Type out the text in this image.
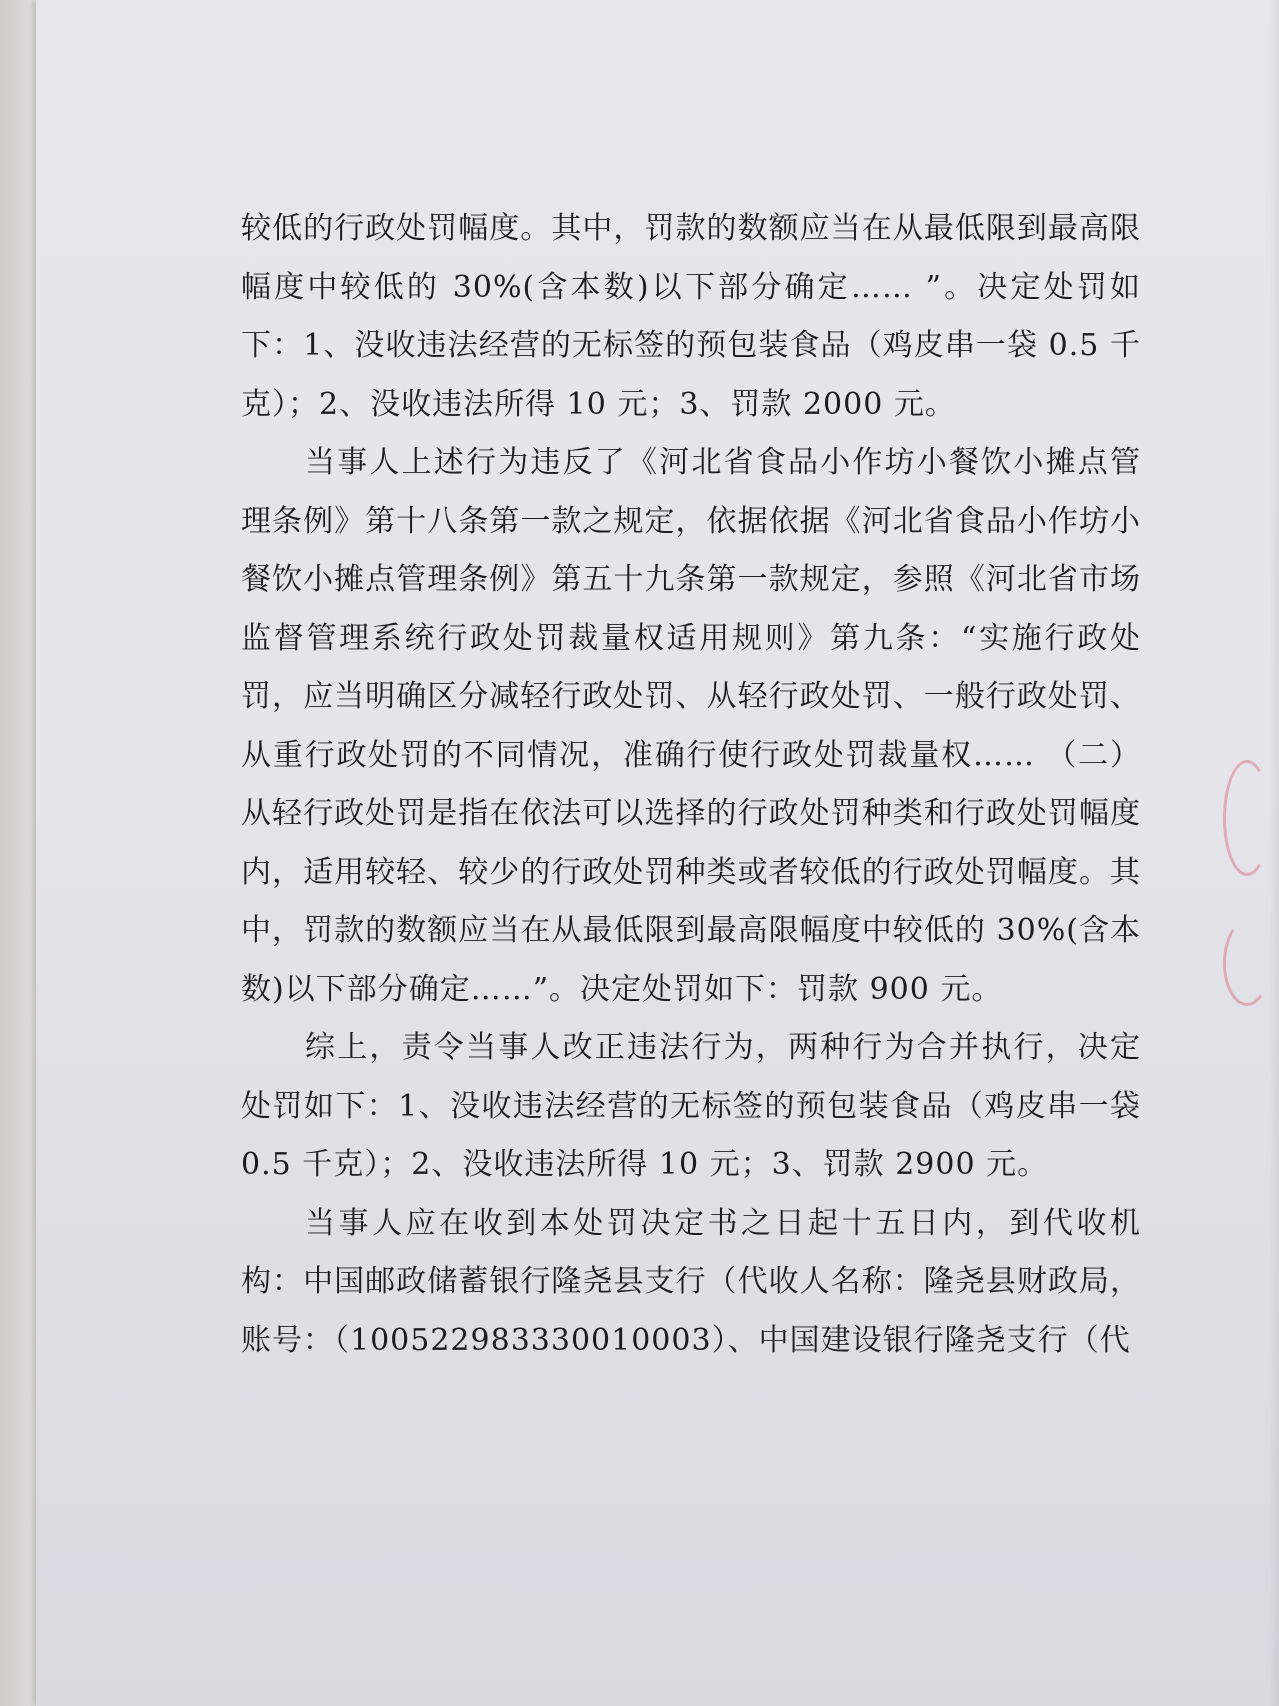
较低的行政处罚幅度。其中，罚款的数额应当在从最低限到最高限幅度中较低的 30%(含本数)以下部分确定…… ”。决定处罚如下：1、没收违法经营的无标签的预包装食品（鸡皮串一袋 0.5 千克）；2、没收违法所得 10 元；3、罚款 2000 元。

当事人上述行为违反了《河北省食品小作坊小餐饮小摊点管理条例》第十八条第一款之规定，依据依据《河北省食品小作坊小餐饮小摊点管理条例》第五十九条第一款规定，参照《河北省市场监督管理系统行政处罚裁量权适用规则》第九条：“实施行政处罚，应当明确区分减轻行政处罚、从轻行政处罚、一般行政处罚、从重行政处罚的不同情况，准确行使行政处罚裁量权…… （二）从轻行政处罚是指在依法可以选择的行政处罚种类和行政处罚幅度内，适用较轻、较少的行政处罚种类或者较低的行政处罚幅度。其中，罚款的数额应当在从最低限到最高限幅度中较低的 30%(含本数)以下部分确定……”。决定处罚如下：罚款 900 元。

综上，责令当事人改正违法行为，两种行为合并执行，决定处罚如下：1、没收违法经营的无标签的预包装食品（鸡皮串一袋 0.5 千克）；2、没收违法所得 10 元；3、罚款 2900 元。

当事人应在收到本处罚决定书之日起十五日内，到代收机构：中国邮政储蓄银行隆尧县支行（代收人名称：隆尧县财政局，账号：（100522983330010003）、中国建设银行隆尧支行（代
